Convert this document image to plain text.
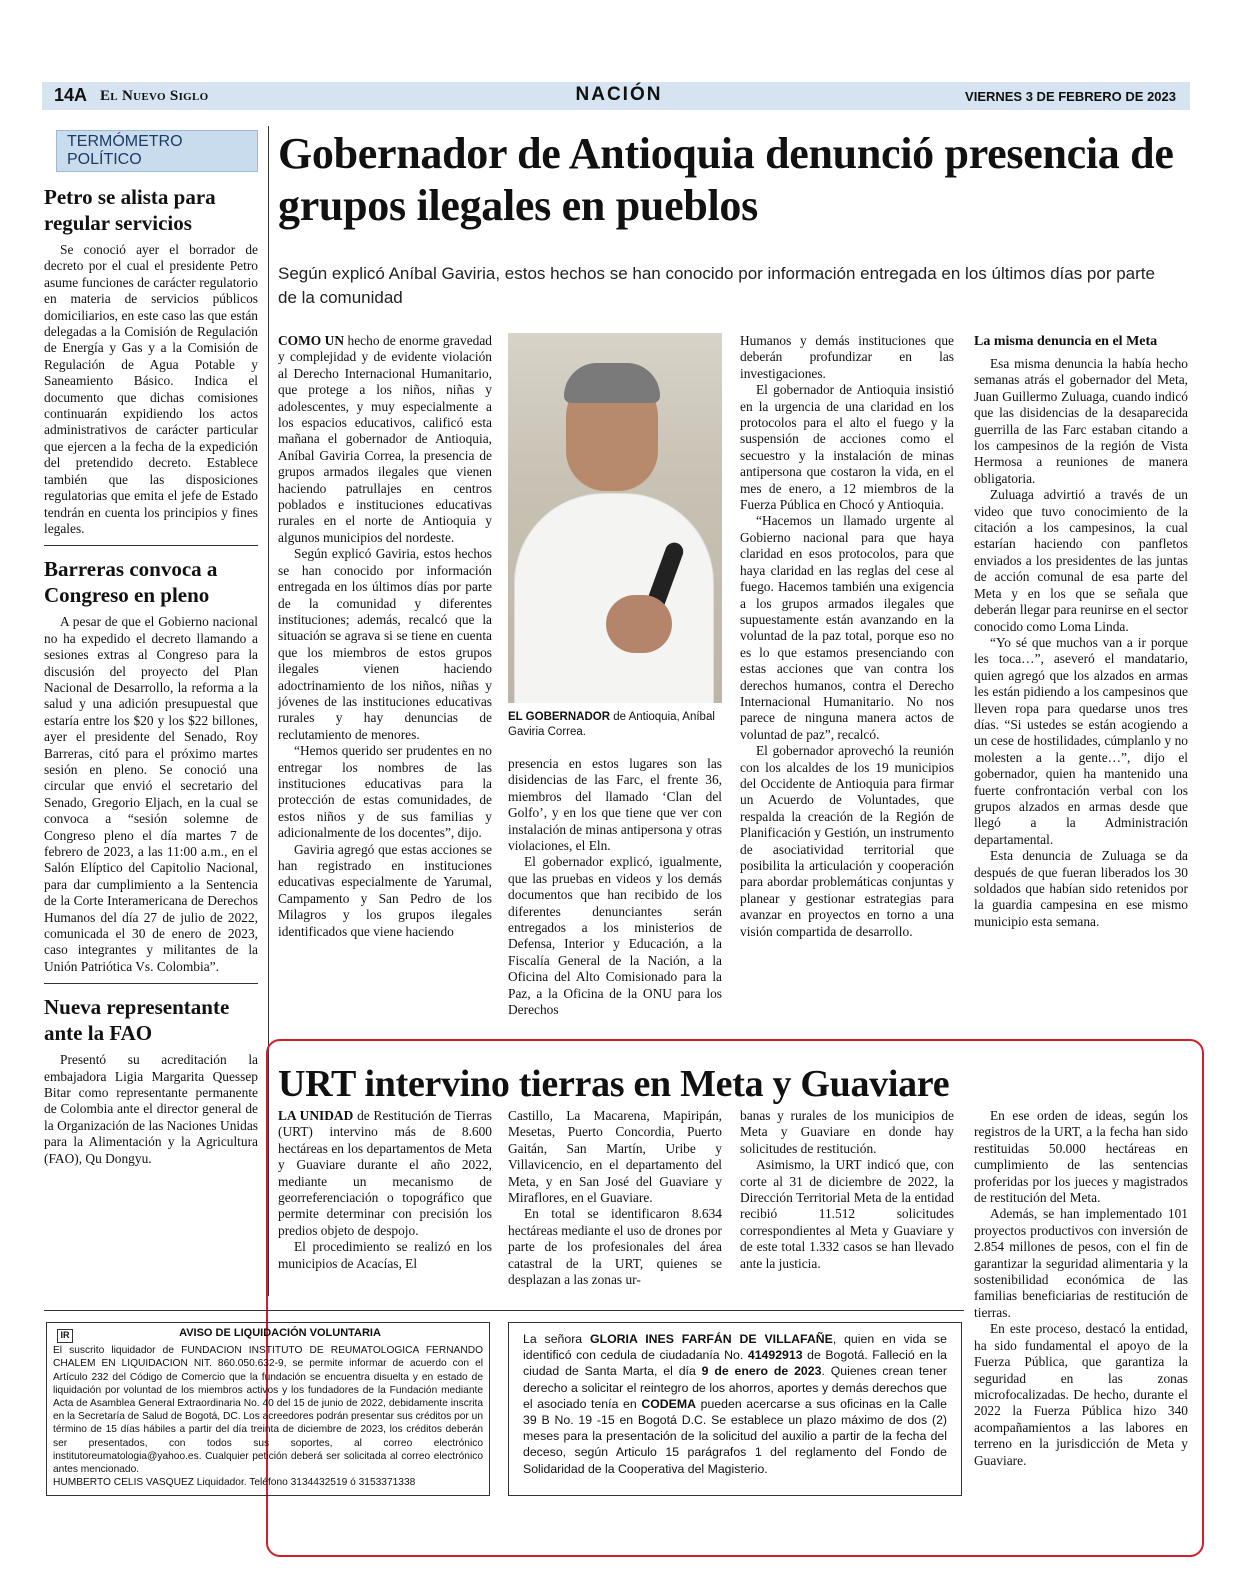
14A El Nuevo Siglo	NACIÓN	VIERNES 3 DE FEBRERO DE 2023
TERMÓMETRO POLÍTICO
Petro se alista para regular servicios

Se conoció ayer el borrador de decreto por el cual el presidente Petro asume funciones de carácter regulatorio en materia de servicios públicos domiciliarios, en este caso las que están delegadas a la Comisión de Regulación de Energía y Gas y a la Comisión de Regulación de Agua Potable y Saneamiento Básico. Indica el documento que dichas comisiones continuarán expidiendo los actos administrativos de carácter particular que ejercen a la fecha de la expedición del pretendido decreto. Establece también que las disposiciones regulatorias que emita el jefe de Estado tendrán en cuenta los principios y fines legales.

Barreras convoca a Congreso en pleno

A pesar de que el Gobierno nacional no ha expedido el decreto llamando a sesiones extras al Congreso para la discusión del proyecto del Plan Nacional de Desarrollo, la reforma a la salud y una adición presupuestal que estaría entre los $20 y los $22 billones, ayer el presidente del Senado, Roy Barreras, citó para el próximo martes sesión en pleno. Se conoció una circular que envió el secretario del Senado, Gregorio Eljach, en la cual se convoca a “sesión solemne de Congreso pleno el día martes 7 de febrero de 2023, a las 11:00 a.m., en el Salón Elíptico del Capitolio Nacional, para dar cumplimiento a la Sentencia de la Corte Interamericana de Derechos Humanos del día 27 de julio de 2022, comunicada el 30 de enero de 2023, caso integrantes y militantes de la Unión Patriótica Vs. Colombia”.

Nueva representante ante la FAO

Presentó su acreditación la embajadora Ligia Margarita Quessep Bitar como representante permanente de Colombia ante el director general de la Organización de las Naciones Unidas para la Alimentación y la Agricultura (FAO), Qu Dongyu.

Gobernador de Antioquia denunció presencia de grupos ilegales en pueblos
Según explicó Aníbal Gaviria, estos hechos se han conocido por información entregada en los últimos días por parte de la comunidad

COMO UN hecho de enorme gravedad y complejidad y de evidente violación al Derecho Internacional Humanitario, que protege a los niños, niñas y adolescentes, y muy especialmente a los espacios educativos, calificó esta mañana el gobernador de Antioquia, Aníbal Gaviria Correa, la presencia de grupos armados ilegales que vienen haciendo patrullajes en centros poblados e instituciones educativas rurales en el norte de Antioquia y algunos municipios del nordeste.

Según explicó Gaviria, estos hechos se han conocido por información entregada en los últimos días por parte de la comunidad y diferentes instituciones; además, recalcó que la situación se agrava si se tiene en cuenta que los miembros de estos grupos ilegales vienen haciendo adoctrinamiento de los niños, niñas y jóvenes de las instituciones educativas rurales y hay denuncias de reclutamiento de menores.

“Hemos querido ser prudentes en no entregar los nombres de las instituciones educativas para la protección de estas comunidades, de estos niños y de sus familias y adicionalmente de los docentes”, dijo.

Gaviria agregó que estas acciones se han registrado en instituciones educativas especialmente de Yarumal, Campamento y San Pedro de los Milagros y los grupos ilegales identificados que viene haciendo

EL GOBERNADOR de Antioquia, Aníbal Gaviria Correa.

presencia en estos lugares son las disidencias de las Farc, el frente 36, miembros del llamado ‘Clan del Golfo’, y en los que tiene que ver con instalación de minas antipersona y otras violaciones, el Eln.

El gobernador explicó, igualmente, que las pruebas en videos y los demás documentos que han recibido de los diferentes denunciantes serán entregados a los ministerios de Defensa, Interior y Educación, a la Fiscalía General de la Nación, a la Oficina del Alto Comisionado para la Paz, a la Oficina de la ONU para los Derechos

Humanos y demás instituciones que deberán profundizar en las investigaciones.

El gobernador de Antioquia insistió en la urgencia de una claridad en los protocolos para el alto el fuego y la suspensión de acciones como el secuestro y la instalación de minas antipersona que costaron la vida, en el mes de enero, a 12 miembros de la Fuerza Pública en Chocó y Antioquia.

“Hacemos un llamado urgente al Gobierno nacional para que haya claridad en esos protocolos, para que haya claridad en las reglas del cese al fuego. Hacemos también una exigencia a los grupos armados ilegales que supuestamente están avanzando en la voluntad de la paz total, porque eso no es lo que estamos presenciando con estas acciones que van contra los derechos humanos, contra el Derecho Internacional Humanitario. No nos parece de ninguna manera actos de voluntad de paz”, recalcó.

El gobernador aprovechó la reunión con los alcaldes de los 19 municipios del Occidente de Antioquia para firmar un Acuerdo de Voluntades, que respalda la creación de la Región de Planificación y Gestión, un instrumento de asociatividad territorial que posibilita la articulación y cooperación para abordar problemáticas conjuntas y planear y gestionar estrategias para avanzar en proyectos en torno a una visión compartida de desarrollo.

La misma denuncia en el Meta

Esa misma denuncia la había hecho semanas atrás el gobernador del Meta, Juan Guillermo Zuluaga, cuando indicó que las disidencias de la desaparecida guerrilla de las Farc estaban citando a los campesinos de la región de Vista Hermosa a reuniones de manera obligatoria.

Zuluaga advirtió a través de un video que tuvo conocimiento de la citación a los campesinos, la cual estarían haciendo con panfletos enviados a los presidentes de las juntas de acción comunal de esa parte del Meta y en los que se señala que deberán llegar para reunirse en el sector conocido como Loma Linda.

“Yo sé que muchos van a ir porque les toca…”, aseveró el mandatario, quien agregó que los alzados en armas les están pidiendo a los campesinos que lleven ropa para quedarse unos tres días. “Si ustedes se están acogiendo a un cese de hostilidades, cúmplanlo y no molesten a la gente…”, dijo el gobernador, quien ha mantenido una fuerte confrontación verbal con los grupos alzados en armas desde que llegó a la Administración departamental.

Esta denuncia de Zuluaga se da después de que fueran liberados los 30 soldados que habían sido retenidos por la guardia campesina en ese mismo municipio esta semana.

URT intervino tierras en Meta y Guaviare

LA UNIDAD de Restitución de Tierras (URT) intervino más de 8.600 hectáreas en los departamentos de Meta y Guaviare durante el año 2022, mediante un mecanismo de georreferenciación o topográfico que permite determinar con precisión los predios objeto de despojo.

El procedimiento se realizó en los municipios de Acacías, El

Castillo, La Macarena, Mapiripán, Mesetas, Puerto Concordia, Puerto Gaitán, San Martín, Uribe y Villavicencio, en el departamento del Meta, y en San José del Guaviare y Miraflores, en el Guaviare.

En total se identificaron 8.634 hectáreas mediante el uso de drones por parte de los profesionales del área catastral de la URT, quienes se desplazan a las zonas ur-

banas y rurales de los municipios de Meta y Guaviare en donde hay solicitudes de restitución.

Asimismo, la URT indicó que, con corte al 31 de diciembre de 2022, la Dirección Territorial Meta de la entidad recibió 11.512 solicitudes correspondientes al Meta y Guaviare y de este total 1.332 casos se han llevado ante la justicia.

En ese orden de ideas, según los registros de la URT, a la fecha han sido restituidas 50.000 hectáreas en cumplimiento de las sentencias proferidas por los jueces y magistrados de restitución del Meta.

Además, se han implementado 101 proyectos productivos con inversión de 2.854 millones de pesos, con el fin de garantizar la seguridad alimentaria y la sostenibilidad económica de las familias beneficiarias de restitución de tierras.

En este proceso, destacó la entidad, ha sido fundamental el apoyo de la Fuerza Pública, que garantiza la seguridad en las zonas microfocalizadas. De hecho, durante el 2022 la Fuerza Pública hizo 340 acompañamientos a las labores en terreno en la jurisdicción de Meta y Guaviare.

IR	AVISO DE LIQUIDACIÓN VOLUNTARIA
El suscrito liquidador de FUNDACION INSTITUTO DE REUMATOLOGICA FERNANDO CHALEM EN LIQUIDACION NIT. 860.050.632-9, se permite informar de acuerdo con el Artículo 232 del Código de Comercio que la fundación se encuentra disuelta y en estado de liquidación por voluntad de los miembros activos y los fundadores de la Fundación mediante Acta de Asamblea General Extraordinaria No. 40 del 15 de junio de 2022, debidamente inscrita en la Secretaría de Salud de Bogotá, DC. Los acreedores podrán presentar sus créditos por un término de 15 días hábiles a partir del día treinta de diciembre de 2023, los créditos deberán ser presentados, con todos sus soportes, al correo electrónico institutoreumatologia@yahoo.es. Cualquier petición deberá ser solicitada al correo electrónico antes mencionado.
HUMBERTO CELIS VASQUEZ Liquidador. Teléfono 3134432519 ó 3153371338
La señora GLORIA INES FARFÁN DE VILLAFAÑE, quien en vida se identificó con cedula de ciudadanía No. 41492913 de Bogotá. Falleció en la ciudad de Santa Marta, el día 9 de enero de 2023. Quienes crean tener derecho a solicitar el reintegro de los ahorros, aportes y demás derechos que el asociado tenía en CODEMA pueden acercarse a sus oficinas en la Calle 39 B No. 19 -15 en Bogotá D.C. Se establece un plazo máximo de dos (2) meses para la presentación de la solicitud del auxilio a partir de la fecha del deceso, según Articulo 15 parágrafos 1 del reglamento del Fondo de Solidaridad de la Cooperativa del Magisterio.
